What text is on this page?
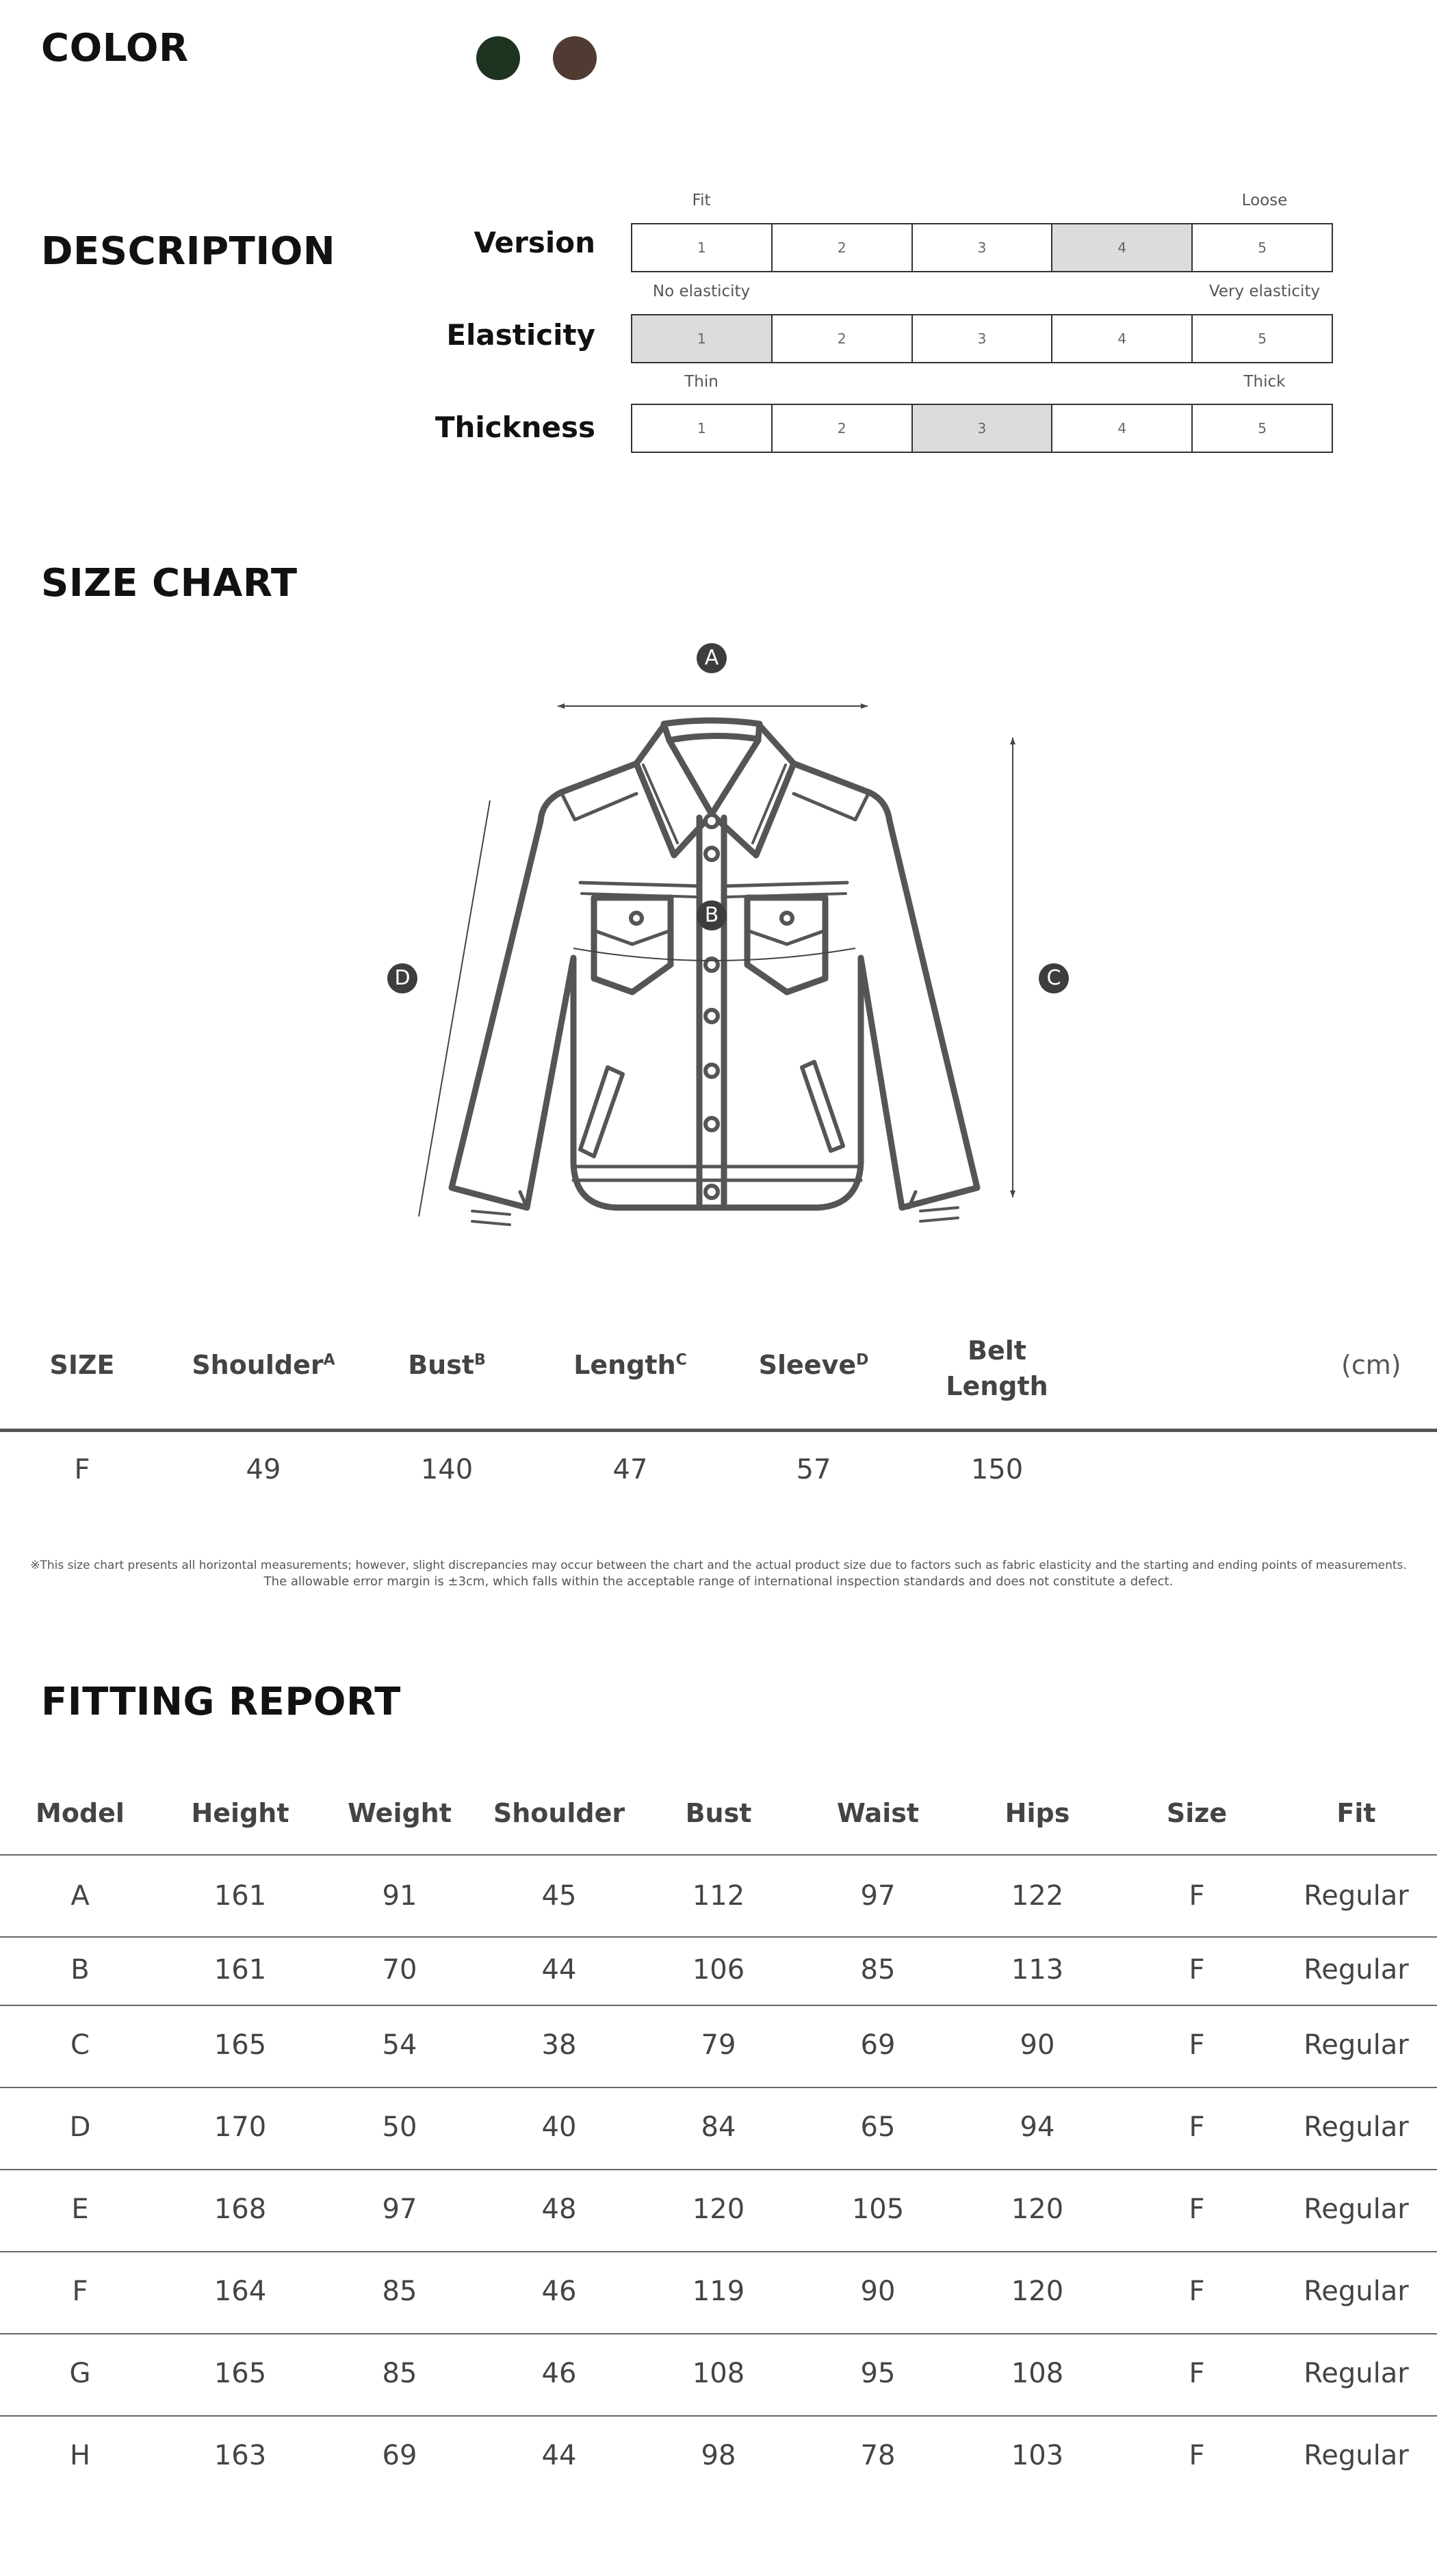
COLOR
DESCRIPTION
Fit	Loose
Version	1	2	3	4	5
No elasticity	Very elasticity
Elasticity	1	2	3	4	5
Thin	Thick
Thickness	1	2	3	4	5
SIZE CHART
A
B
C
D
SIZE	Shoulder$^A$	Bust$^B$	Length$^C$	Sleeve$^D$	Belt
Length
(cm)
F	49	140	47	57	150
※This size chart presents all horizontal measurements; however, slight discrepancies may occur between the chart and the actual product size due to factors such as fabric elasticity and the starting and ending points of measurements.
The allowable error margin is ±3cm, which falls within the acceptable range of international inspection standards and does not constitute a defect.
FITTING REPORT
Model	Height	Weight	Shoulder	Bust	Waist	Hips	Size	Fit
A	161	91	45	112	97	122	F	Regular
B	161	70	44	106	85	113	F	Regular
C	165	54	38	79	69	90	F	Regular
D	170	50	40	84	65	94	F	Regular
E	168	97	48	120	105	120	F	Regular
F	164	85	46	119	90	120	F	Regular
G	165	85	46	108	95	108	F	Regular
H	163	69	44	98	78	103	F	Regular
